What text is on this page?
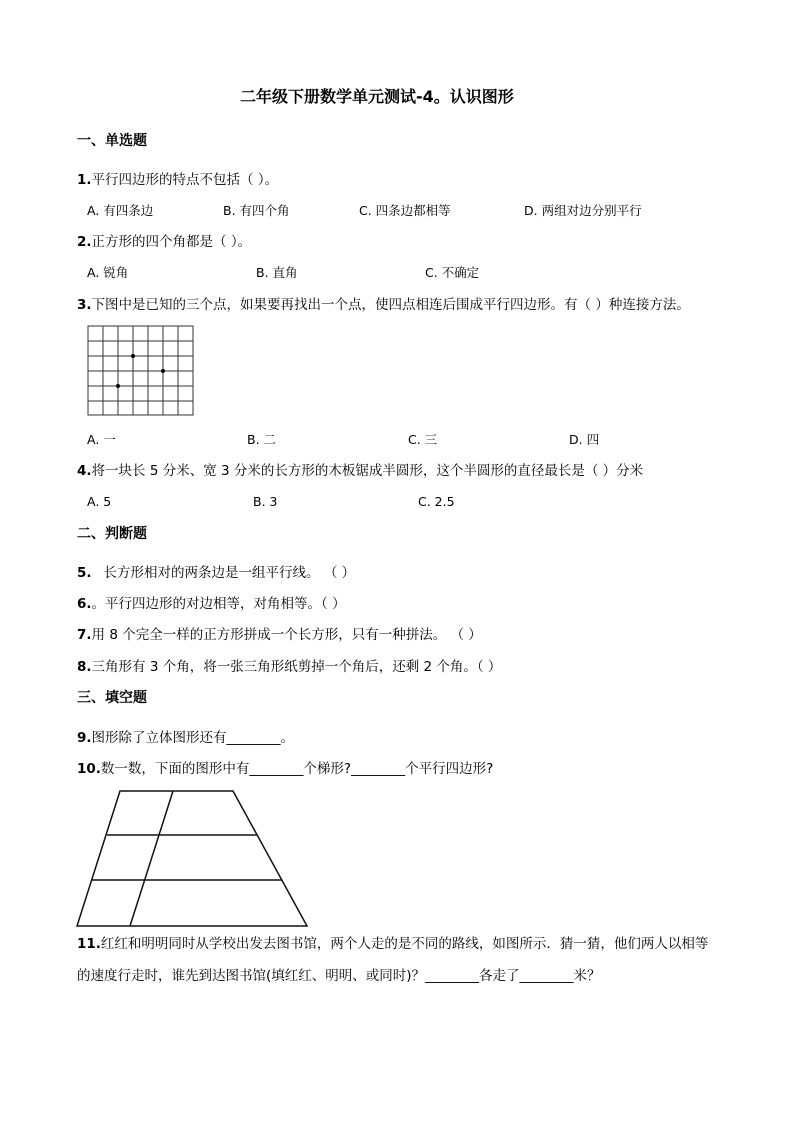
二年级下册数学单元测试-4。认识图形
一、单选题
1.平行四边形的特点不包括（ ）。
A. 有四条边	B. 有四个角	C. 四条边都相等	D. 两组对边分别平行
2.正方形的四个角都是（ ）。
A. 锐角	B. 直角	C. 不确定
3.下图中是已知的三个点，如果要再找出一个点，使四点相连后围成平行四边形。有（ ）种连接方法。
A. 一	B. 二	C. 三	D. 四
4.将一块长 5 分米、宽 3 分米的长方形的木板锯成半圆形，这个半圆形的直径最长是（ ）分米
A. 5	B. 3	C. 2.5
二、判断题
5. 长方形相对的两条边是一组平行线。 （ ）
6.。平行四边形的对边相等，对角相等。（ ）
7.用 8 个完全一样的正方形拼成一个长方形，只有一种拼法。 （ ）
8.三角形有 3 个角，将一张三角形纸剪掉一个角后，还剩 2 个角。（ ）
三、填空题
9.图形除了立体图形还有________。
10.数一数，下面的图形中有________个梯形?________个平行四边形?
11.红红和明明同时从学校出发去图书馆，两个人走的是不同的路线，如图所示．猜一猜，他们两人以相等
的速度行走时，谁先到达图书馆(填红红、明明、或同时)？________各走了________米？
